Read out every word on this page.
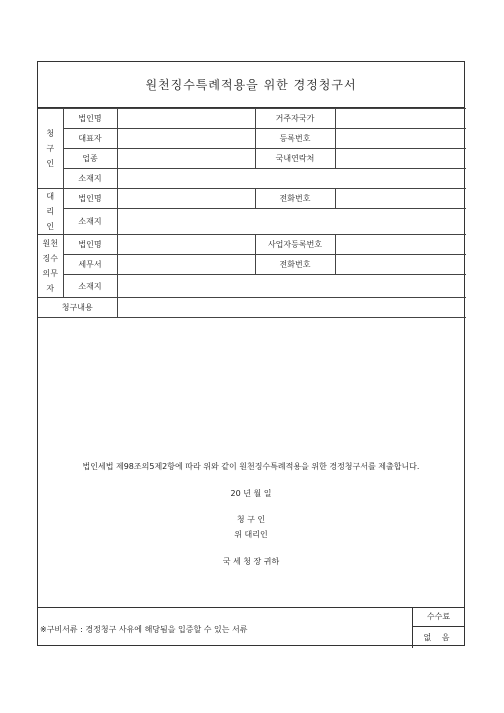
원천징수특례적용을 위한 경정청구서
청
구
인	법인명		거주자국가	
	대표자		등록번호	
	업종		국내연락처	
	소재지			

대
리
인	법인명		전화번호	
	소재지			

원천
징수
의무
자	법인명		사업자등록번호	
	세무서		전화번호	
	소재지			
청구내용				
법인세법 제98조의5제2항에 따라 위와 같이 원천징수특례적용을 위한 경정청구서를 제출합니다.
20 년 월 일
청 구 인
위 대리인
국 세 청 장 귀하
※구비서류 : 경정청구 사유에 해당됨을 입증할 수 있는 서류
수수료
없 음
